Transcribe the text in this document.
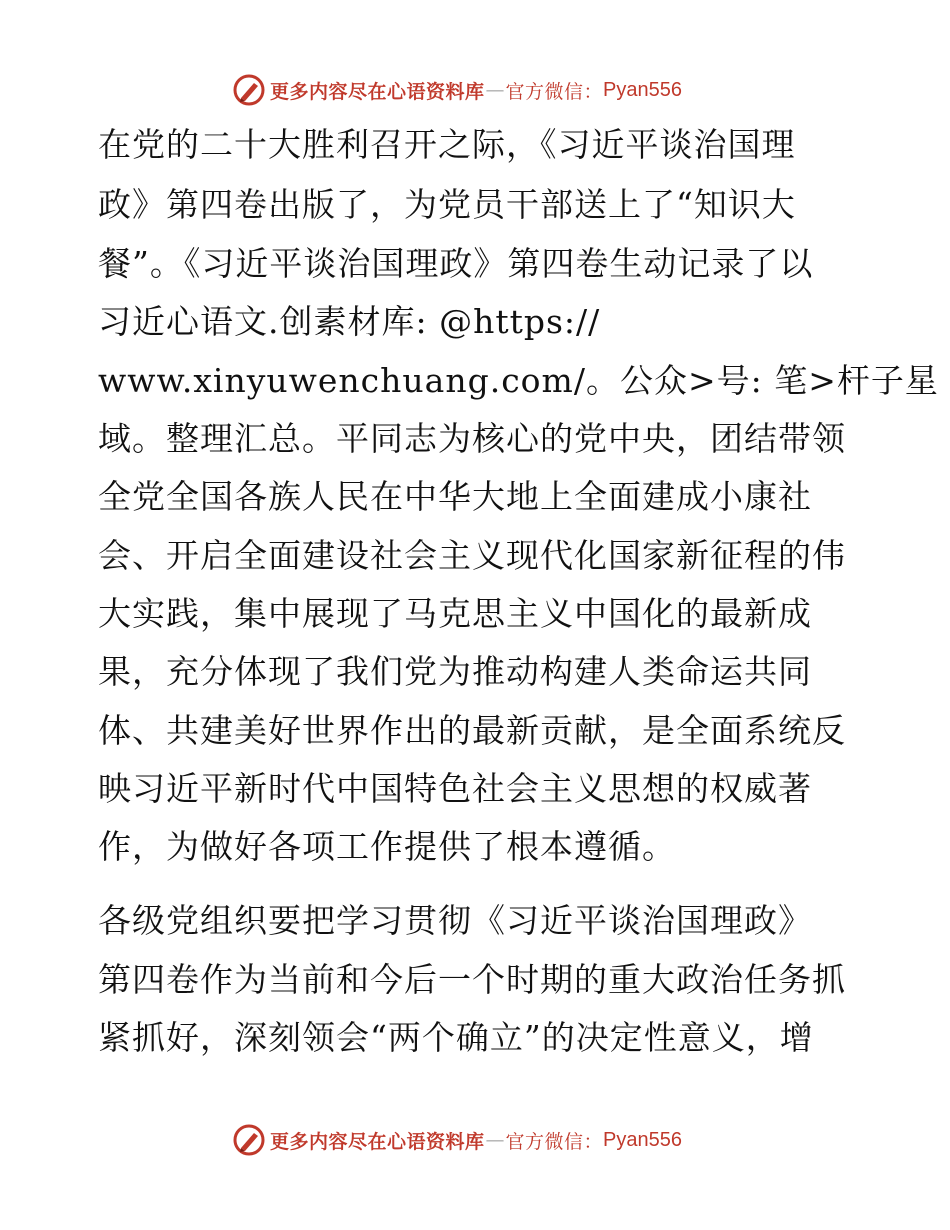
更多内容尽在心语资料库 — 官方微信： Pyan556
在党的二十大胜利召开之际，《习近平谈治国理
政》第四卷出版了，为党员干部送上了“知识大
餐”。《习近平谈治国理政》第四卷生动记录了以
习近心语文.创素材库: @https://
www.xinyuwenchuang.com/。公众>号: 笔>杆子星
域。整理汇总。平同志为核心的党中央，团结带领
全党全国各族人民在中华大地上全面建成小康社
会、开启全面建设社会主义现代化国家新征程的伟
大实践，集中展现了马克思主义中国化的最新成
果，充分体现了我们党为推动构建人类命运共同
体、共建美好世界作出的最新贡献，是全面系统反
映习近平新时代中国特色社会主义思想的权威著
作，为做好各项工作提供了根本遵循。
各级党组织要把学习贯彻《习近平谈治国理政》
第四卷作为当前和今后一个时期的重大政治任务抓
紧抓好，深刻领会“两个确立”的决定性意义，增
更多内容尽在心语资料库 — 官方微信： Pyan556
